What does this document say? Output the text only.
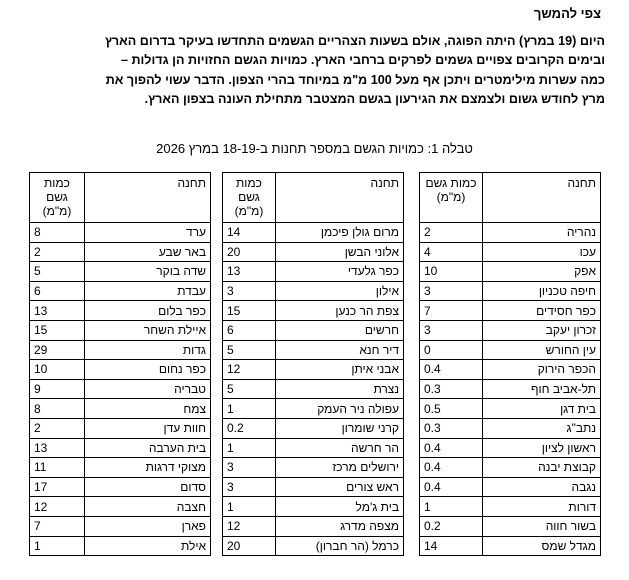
צפי להמשך
היום (19 במרץ) היתה הפוגה, אולם בשעות הצהריים הגשמים התחדשו בעיקר בדרום הארץ
ובימים הקרובים צפויים גשמים לפרקים ברחבי הארץ. כמויות הגשם החזויות הן גדולות –
כמה עשרות מילימטרים ויתכן אף מעל 100 מ"מ במיוחד בהרי הצפון. הדבר עשוי להפוך את
מרץ לחודש גשום ולצמצם את הגירעון בגשם המצטבר מתחילת העונה בצפון הארץ.
טבלה 1: כמויות הגשם במספר תחנות ב-18-19 במרץ 2026
תחנה	כמות גשם (מ"מ)
נהריה	2
עכו	4
אפק	10
חיפה טכניון	3
כפר חסידים	7
זכרון יעקב	3
עין החורש	0
הכפר הירוק	0.4
תל-אביב חוף	0.3
בית דגן	0.5
נתב"ג	0.3
ראשון לציון	0.4
קבוצת יבנה	0.4
נגבה	0.4
דורות	1
בשור חווה	0.2
מגדל שמס	14
תחנה	כמות גשם (מ"מ)
מרום גולן פיכמן	14
אלוני הבשן	20
כפר גלעדי	13
אילון	3
צפת הר כנען	15
חרשים	6
דיר חנא	5
אבני איתן	12
נצרת	5
עפולה ניר העמק	1
קרני שומרון	0.2
הר חרשה	1
ירושלים מרכז	3
ראש צורים	3
בית ג'מל	1
מצפה מדרג	12
כרמל (הר חברון)	20
תחנה	כמות גשם (מ"מ)
ערד	8
באר שבע	2
שדה בוקר	5
עבדת	6
כפר בלום	13
איילת השחר	15
גדות	29
כפר נחום	10
טבריה	9
צמח	8
חוות עדן	2
בית הערבה	13
מצוקי דרגות	11
סדום	17
חצבה	12
פארן	7
אילת	1
